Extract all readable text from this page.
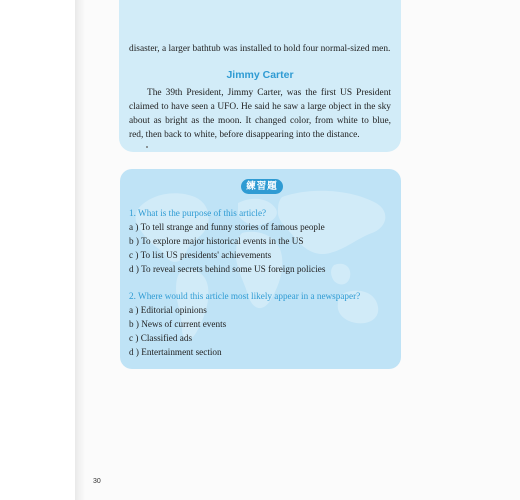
disaster, a larger bathtub was installed to hold four normal-sized men.
Jimmy Carter
The 39th President, Jimmy Carter, was the first US President
claimed to have seen a UFO. He said he saw a large object in the sky
about as bright as the moon. It changed color, from white to blue,
red, then back to white, before disappearing into the distance.
練習題
1. What is the purpose of this article?
a ) To tell strange and funny stories of famous people
b ) To explore major historical events in the US
c ) To list US presidents' achievements
d ) To reveal secrets behind some US foreign policies
2. Where would this article most likely appear in a newspaper?
a ) Editorial opinions
b ) News of current events
c ) Classified ads
d ) Entertainment section
30
